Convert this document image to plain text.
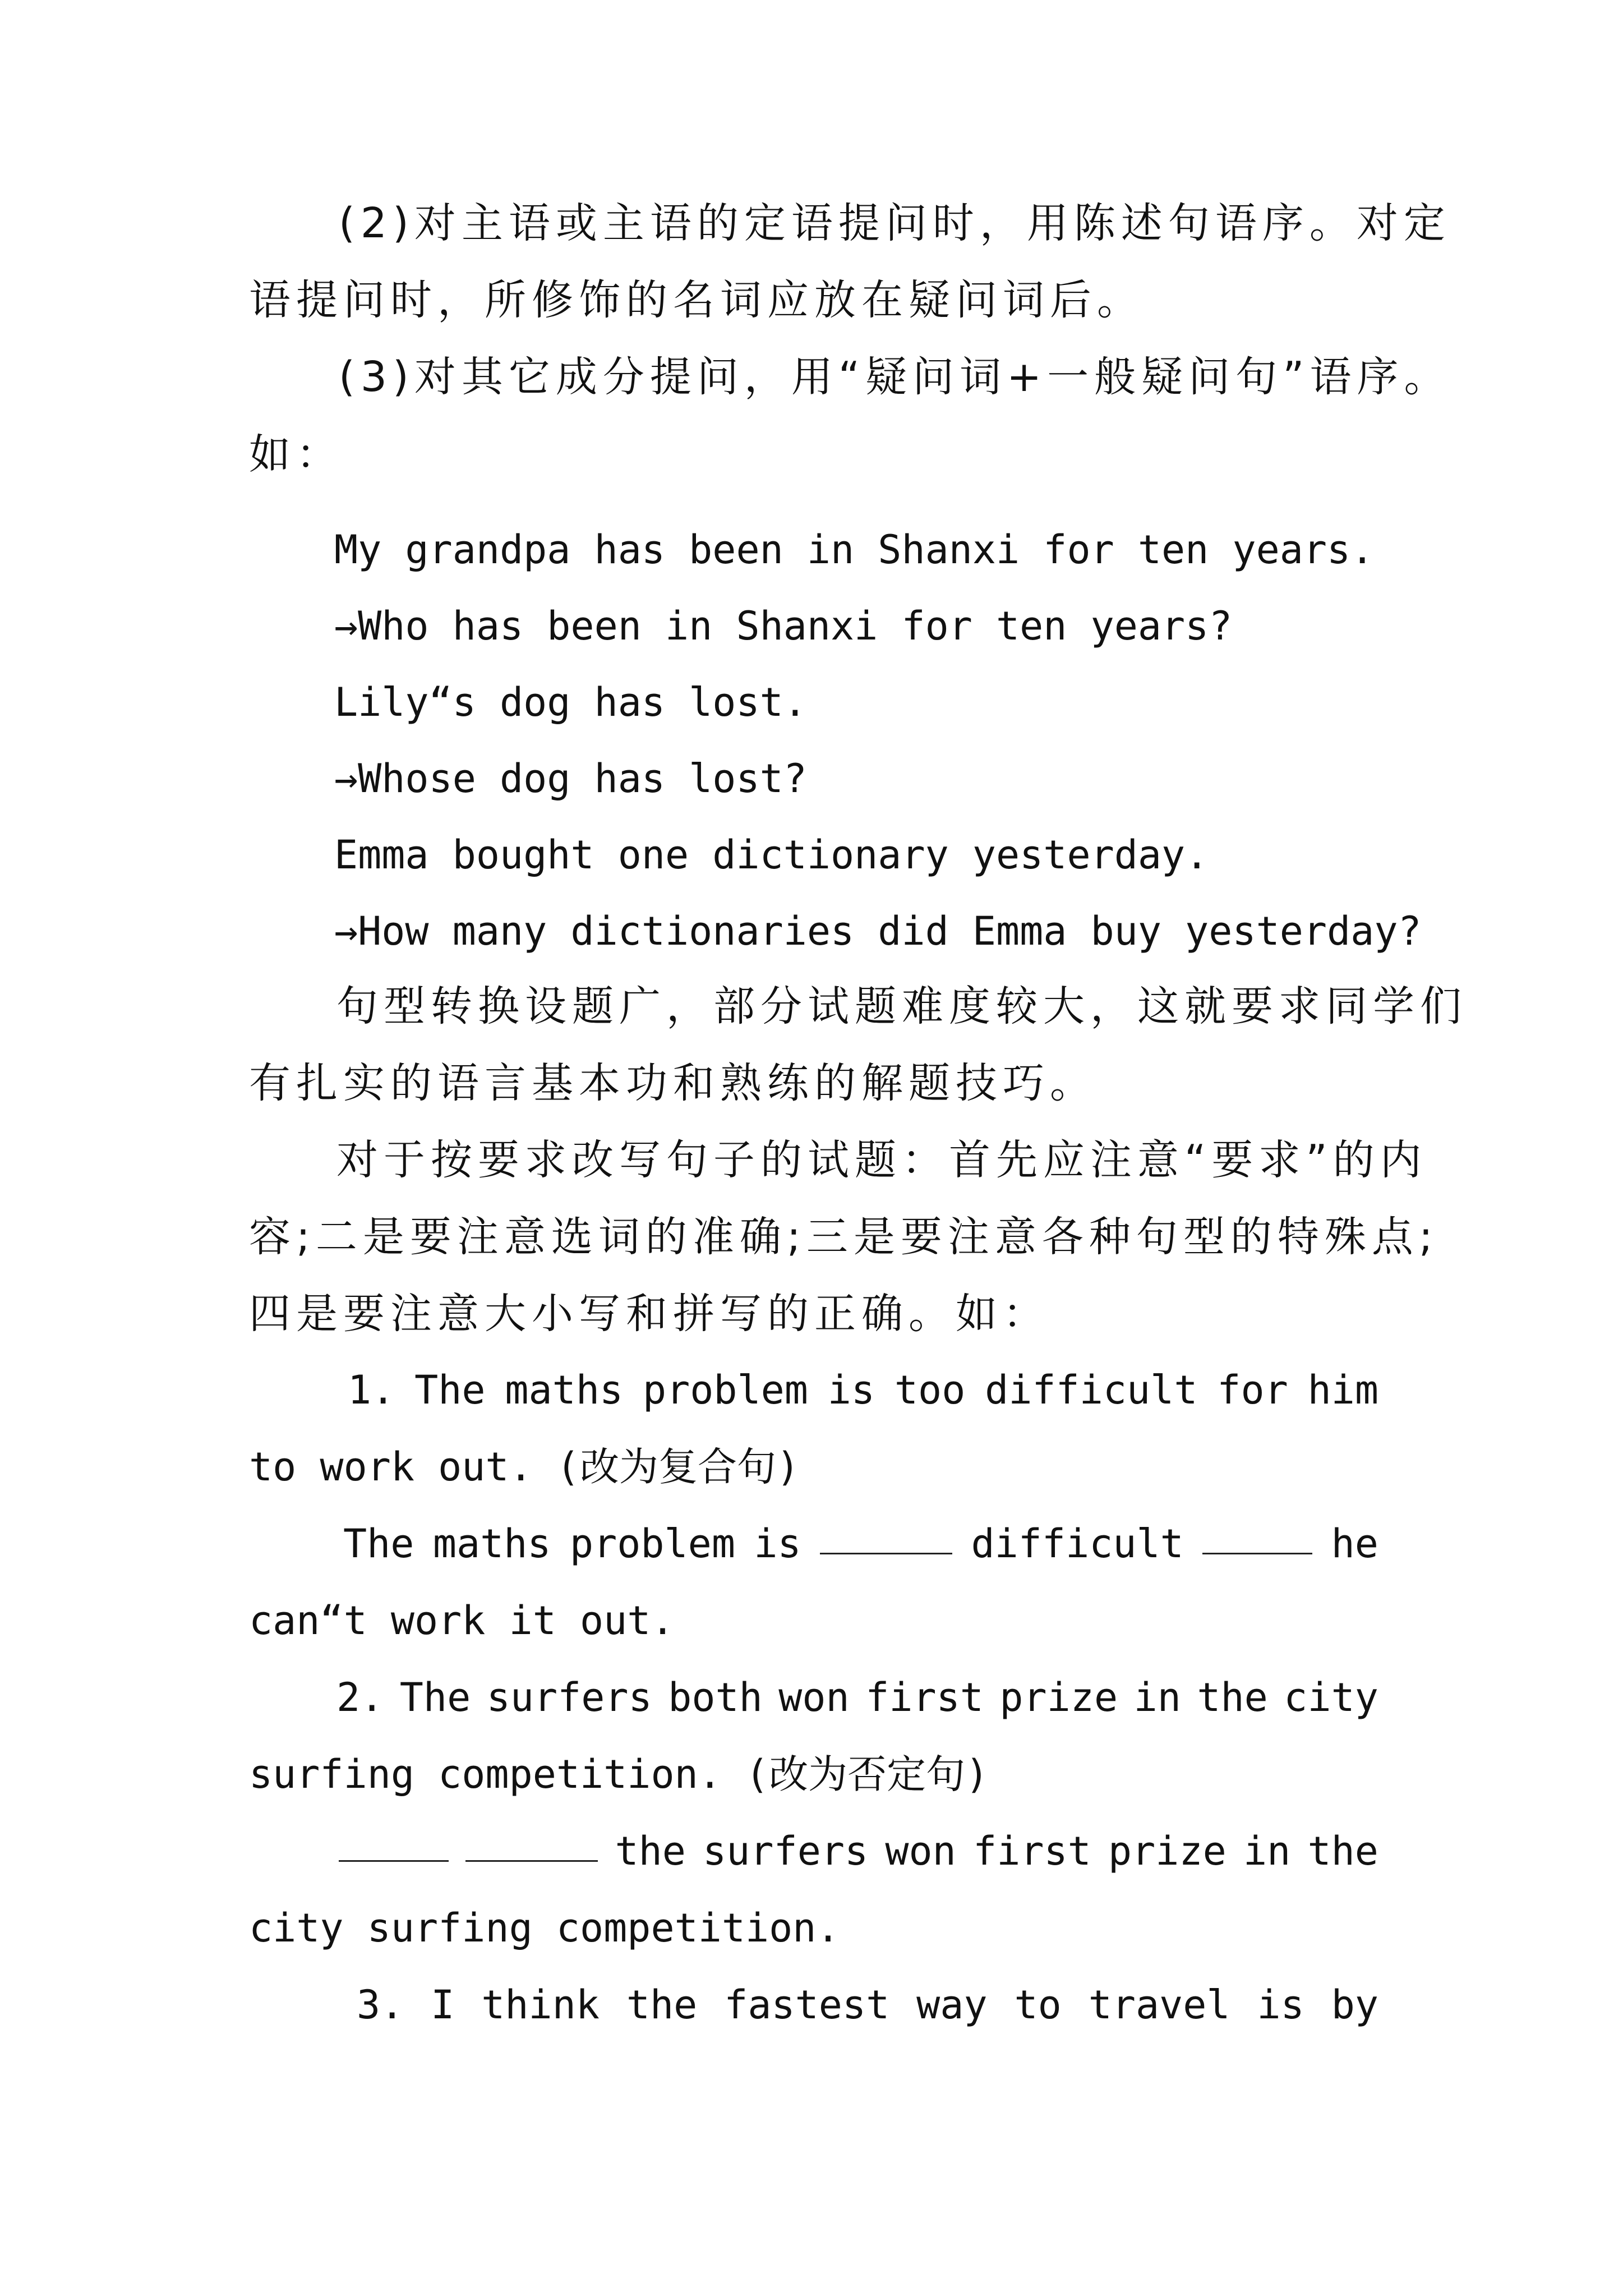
(2)对主语或主语的定语提问时，用陈述句语序。对定
语提问时，所修饰的名词应放在疑问词后。
(3)对其它成分提问，用“疑问词+一般疑问句”语序。
如：
My grandpa has been in Shanxi for ten years.
→Who has been in Shanxi for ten years?
Lily“s dog has lost.
→Whose dog has lost?
Emma bought one dictionary yesterday.
→How many dictionaries did Emma buy yesterday?
句型转换设题广，部分试题难度较大，这就要求同学们
有扎实的语言基本功和熟练的解题技巧。
对于按要求改写句子的试题：首先应注意“要求”的内
容;二是要注意选词的准确;三是要注意各种句型的特殊点;
四是要注意大小写和拼写的正确。如：
1. The maths problem is too difficult for him
to work out. (改为复合句)
The maths problem is	difficult	he
can“t work it out.
2. The surfers both won first prize in the city
surfing competition. (改为否定句)
the surfers won first prize in the
city surfing competition.
3. I think the fastest way to travel is by
